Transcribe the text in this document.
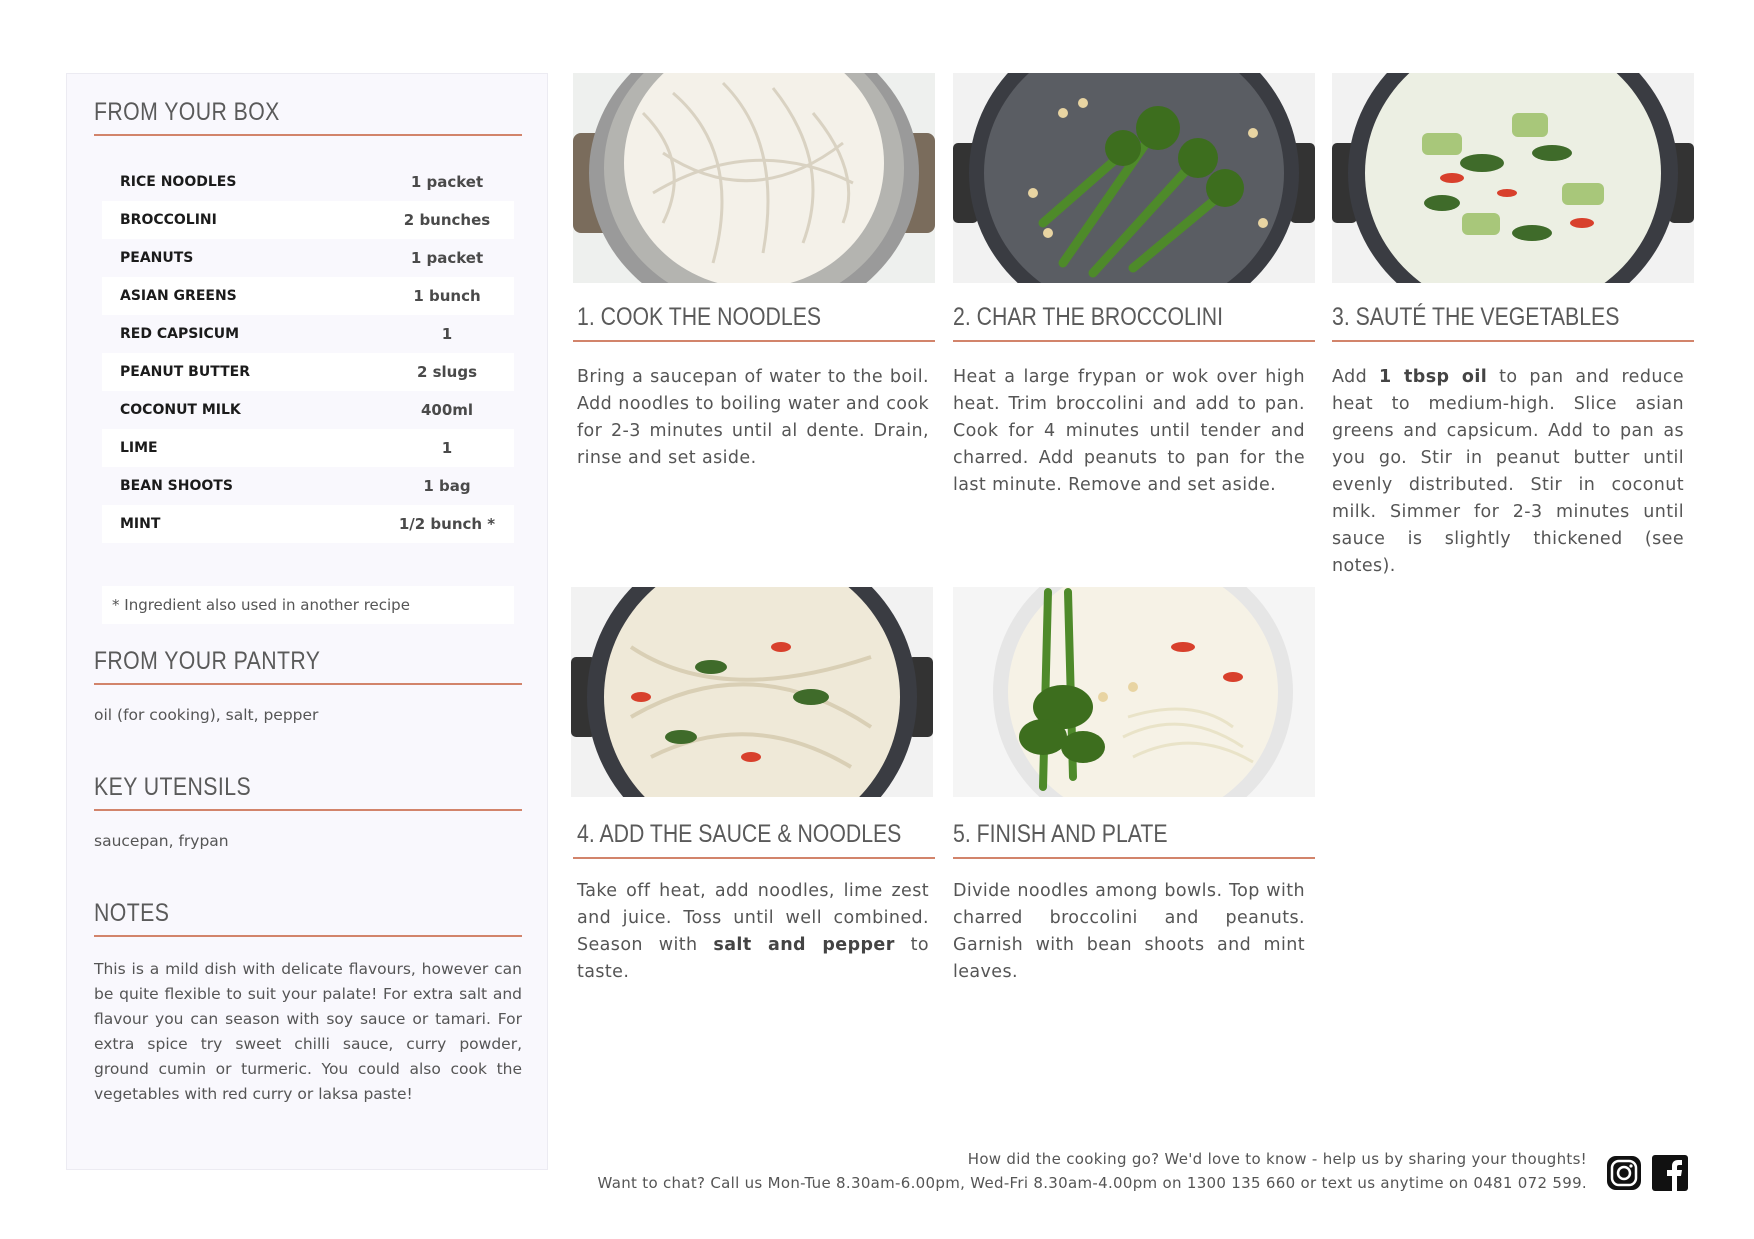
FROM YOUR BOX
RICE NOODLES	1 packet
BROCCOLINI	2 bunches
PEANUTS	1 packet
ASIAN GREENS	1 bunch
RED CAPSICUM	1
PEANUT BUTTER	2 slugs
COCONUT MILK	400ml
LIME	1
BEAN SHOOTS	1 bag
MINT	1/2 bunch *
* Ingredient also used in another recipe
FROM YOUR PANTRY
oil (for cooking), salt, pepper
KEY UTENSILS
saucepan, frypan
NOTES
This is a mild dish with delicate flavours, however can be quite flexible to suit your palate! For extra salt and flavour you can season with soy sauce or tamari. For extra spice try sweet chilli sauce, curry powder, ground cumin or turmeric. You could also cook the vegetables with red curry or laksa paste!
1. COOK THE NOODLES
Bring a saucepan of water to the boil. Add noodles to boiling water and cook for 2-3 minutes until al dente. Drain, rinse and set aside.
2. CHAR THE BROCCOLINI
Heat a large frypan or wok over high heat. Trim broccolini and add to pan. Cook for 4 minutes until tender and charred. Add peanuts to pan for the last minute. Remove and set aside.
3. SAUTÉ THE VEGETABLES
Add 1 tbsp oil to pan and reduce heat to medium-high. Slice asian greens and capsicum. Add to pan as you go. Stir in peanut butter until evenly distributed. Stir in coconut milk. Simmer for 2-3 minutes until sauce is slightly thickened (see notes).
4. ADD THE SAUCE & NOODLES
Take off heat, add noodles, lime zest and juice. Toss until well combined. Season with salt and pepper to taste.
5. FINISH AND PLATE
Divide noodles among bowls. Top with charred broccolini and peanuts. Garnish with bean shoots and mint leaves.
How did the cooking go? We'd love to know - help us by sharing your thoughts!
Want to chat? Call us Mon-Tue 8.30am-6.00pm, Wed-Fri 8.30am-4.00pm on 1300 135 660 or text us anytime on 0481 072 599.
